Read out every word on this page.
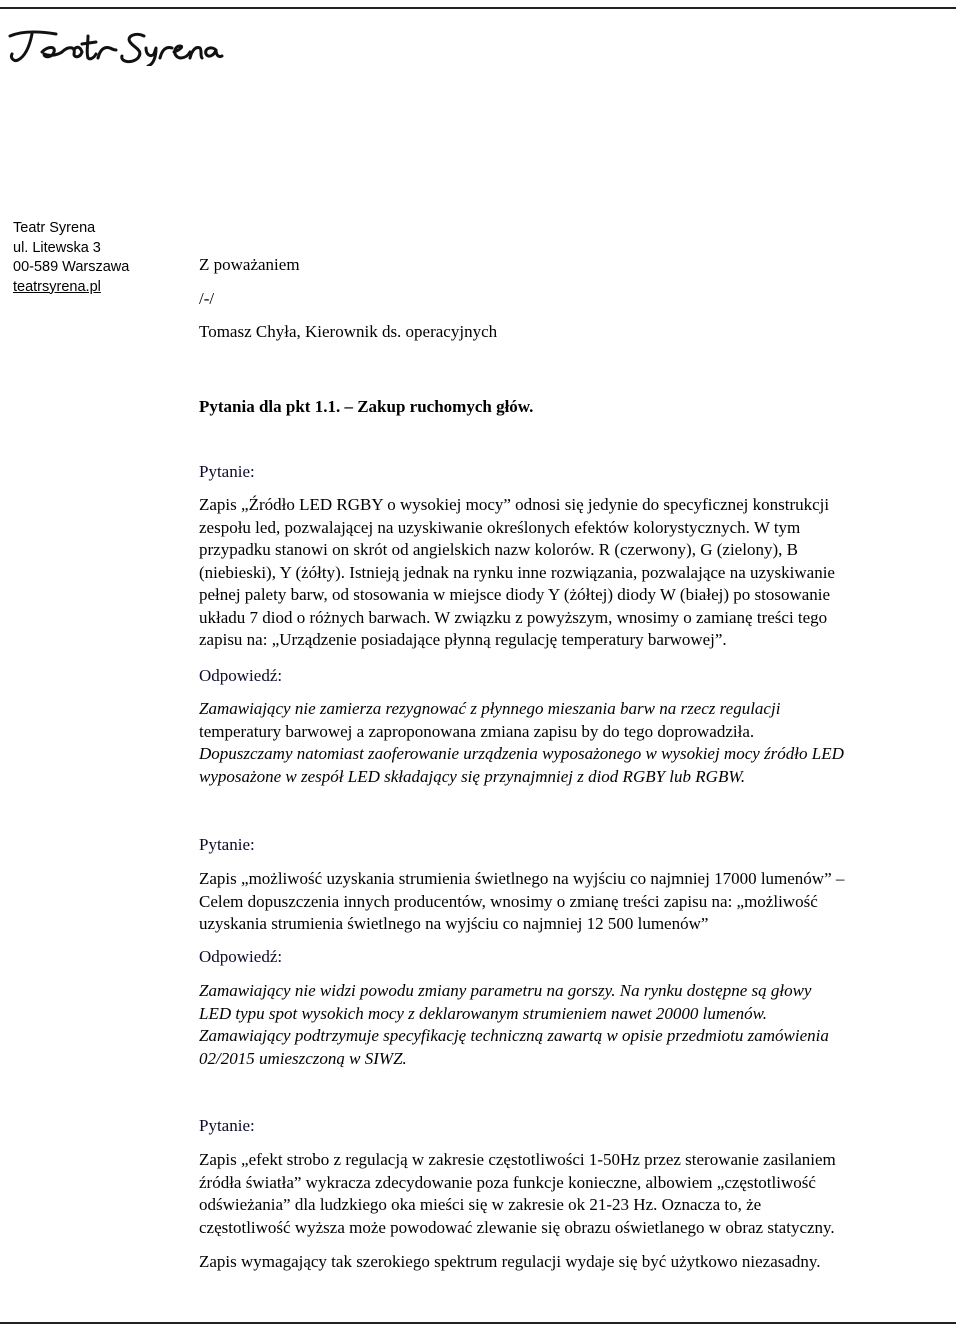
Teatr Syrena
ul. Litewska 3
00-589 Warszawa
teatrsyrena.pl
Z poważaniem
/-/
Tomasz Chyła, Kierownik ds. operacyjnych
Pytania dla pkt 1.1. – Zakup ruchomych głów.
Pytanie:
Zapis „Źródło LED RGBY o wysokiej mocy” odnosi się jedynie do specyficznej konstrukcji
zespołu led, pozwalającej na uzyskiwanie określonych efektów kolorystycznych. W tym
przypadku stanowi on skrót od angielskich nazw kolorów. R (czerwony), G (zielony), B
(niebieski), Y (żółty). Istnieją jednak na rynku inne rozwiązania, pozwalające na uzyskiwanie
pełnej palety barw, od stosowania w miejsce diody Y (żółtej) diody W (białej) po stosowanie
układu 7 diod o różnych barwach. W związku z powyższym, wnosimy o zamianę treści tego
zapisu na: „Urządzenie posiadające płynną regulację temperatury barwowej”.
Odpowiedź:
Zamawiający nie zamierza rezygnować z płynnego mieszania barw na rzecz regulacji
temperatury barwowej a zaproponowana zmiana zapisu by do tego doprowadziła.
Dopuszczamy natomiast zaoferowanie urządzenia wyposażonego w wysokiej mocy źródło LED
wyposażone w zespół LED składający się przynajmniej z diod RGBY lub RGBW.
Pytanie:
Zapis „możliwość uzyskania strumienia świetlnego na wyjściu co najmniej 17000 lumenów” –
Celem dopuszczenia innych producentów, wnosimy o zmianę treści zapisu na: „możliwość
uzyskania strumienia świetlnego na wyjściu co najmniej 12 500 lumenów”
Odpowiedź:
Zamawiający nie widzi powodu zmiany parametru na gorszy. Na rynku dostępne są głowy
LED typu spot wysokich mocy z deklarowanym strumieniem nawet 20000 lumenów.
Zamawiający podtrzymuje specyfikację techniczną zawartą w opisie przedmiotu zamówienia
02/2015 umieszczoną w SIWZ.
Pytanie:
Zapis „efekt strobo z regulacją w zakresie częstotliwości 1-50Hz przez sterowanie zasilaniem
źródła światła” wykracza zdecydowanie poza funkcje konieczne, albowiem „częstotliwość
odświeżania” dla ludzkiego oka mieści się w zakresie ok 21-23 Hz. Oznacza to, że
częstotliwość wyższa może powodować zlewanie się obrazu oświetlanego w obraz statyczny.
Zapis wymagający tak szerokiego spektrum regulacji wydaje się być użytkowo niezasadny.
